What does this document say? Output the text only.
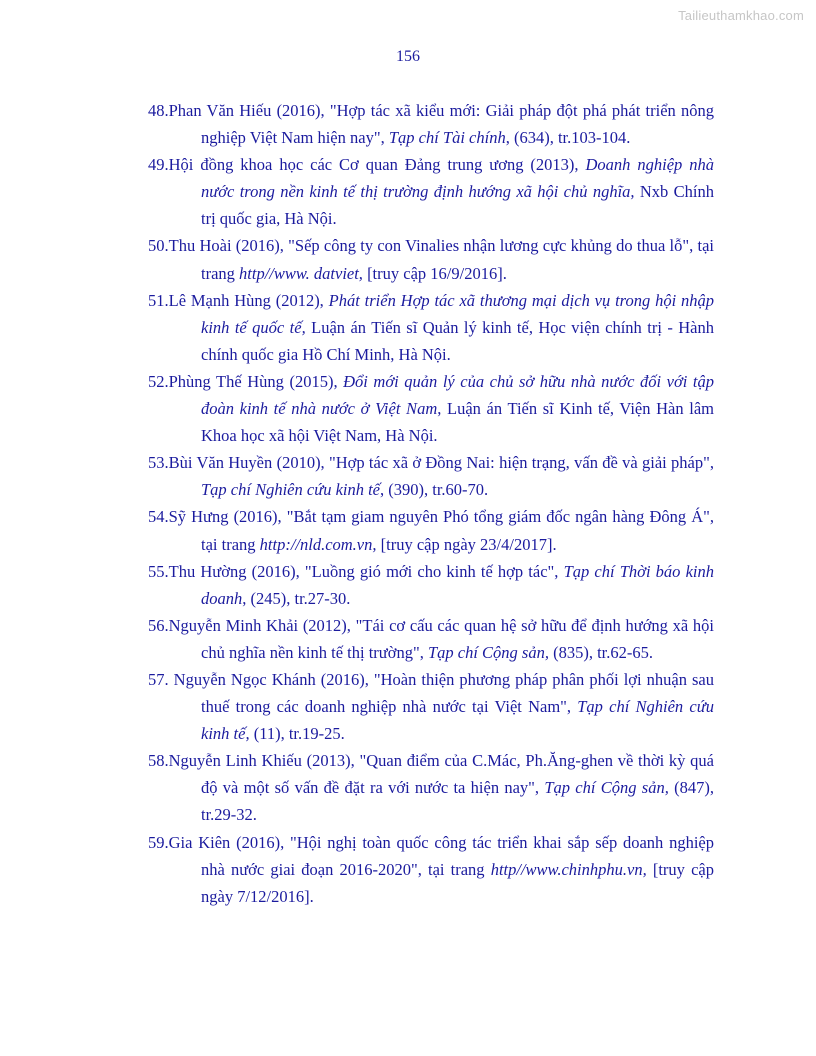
Tailieuthamkhao.com
156

48.Phan Văn Hiếu (2016), "Hợp tác xã kiểu mới: Giải pháp đột phá phát triển nông nghiệp Việt Nam hiện nay", Tạp chí Tài chính, (634), tr.103-104.

49.Hội đồng khoa học các Cơ quan Đảng trung ương (2013), Doanh nghiệp nhà nước trong nền kinh tế thị trường định hướng xã hội chủ nghĩa, Nxb Chính trị quốc gia, Hà Nội.

50.Thu Hoài (2016), "Sếp công ty con Vinalies nhận lương cực khủng do thua lỗ", tại trang http//www. datviet, [truy cập 16/9/2016].

51.Lê Mạnh Hùng (2012), Phát triển Hợp tác xã thương mại dịch vụ trong hội nhập kinh tế quốc tế, Luận án Tiến sĩ Quản lý kinh tế, Học viện chính trị - Hành chính quốc gia Hồ Chí Minh, Hà Nội.

52.Phùng Thế Hùng (2015), Đổi mới quản lý của chủ sở hữu nhà nước đối với tập đoàn kinh tế nhà nước ở Việt Nam, Luận án Tiến sĩ Kinh tế, Viện Hàn lâm Khoa học xã hội Việt Nam, Hà Nội.

53.Bùi Văn Huyền (2010), "Hợp tác xã ở Đồng Nai: hiện trạng, vấn đề và giải pháp", Tạp chí Nghiên cứu kinh tế, (390), tr.60-70.

54.Sỹ Hưng (2016), "Bắt tạm giam nguyên Phó tổng giám đốc ngân hàng Đông Á", tại trang http://nld.com.vn, [truy cập ngày 23/4/2017].

55.Thu Hường (2016), "Luồng gió mới cho kinh tế hợp tác", Tạp chí Thời báo kinh doanh, (245), tr.27-30.

56.Nguyễn Minh Khải (2012), "Tái cơ cấu các quan hệ sở hữu để định hướng xã hội chủ nghĩa nền kinh tế thị trường", Tạp chí Cộng sản, (835), tr.62-65.

57. Nguyễn Ngọc Khánh (2016), "Hoàn thiện phương pháp phân phối lợi nhuận sau thuế trong các doanh nghiệp nhà nước tại Việt Nam", Tạp chí Nghiên cứu kinh tế, (11), tr.19-25.

58.Nguyễn Linh Khiếu (2013), "Quan điểm của C.Mác, Ph.Ăng-ghen về thời kỳ quá độ và một số vấn đề đặt ra với nước ta hiện nay", Tạp chí Cộng sản, (847), tr.29-32.

59.Gia Kiên (2016), "Hội nghị toàn quốc công tác triển khai sắp sếp doanh nghiệp nhà nước giai đoạn 2016-2020", tại trang http//www.chinhphu.vn, [truy cập ngày 7/12/2016].
